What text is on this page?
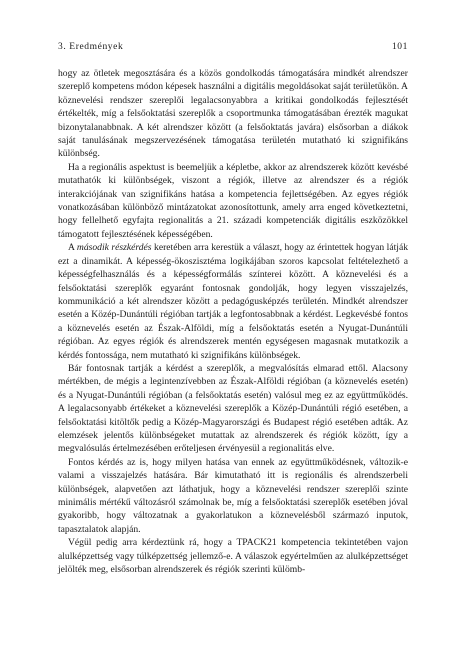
3. Eredmények	101

hogy az ötletek megosztására és a közös gondolkodás támogatására mindkét alrendszer szereplő kompetens módon képesek használni a digitális megoldásokat saját területükön. A köznevelési rendszer szereplői legalacsonyabbra a kritikai gondolkodás fejlesztését értékelték, míg a felsőoktatási szereplők a csoportmunka támogatásában érezték magukat bizonytalanabbnak. A két alrendszer között (a felsőoktatás javára) elsősorban a diákok saját tanulásának megszervezésének támogatása területén mutatható ki szignifikáns különbség.

Ha a regionális aspektust is beemeljük a képletbe, akkor az alrendszerek között kevésbé mutathatók ki különbségek, viszont a régiók, illetve az alrendszer és a régiók interakciójának van szignifikáns hatása a kompetencia fejlettségében. Az egyes régiók vonatkozásában különböző mintázatokat azonosítottunk, amely arra enged következtetni, hogy fellelhető egyfajta regionalitás a 21. századi kompetenciák digitális eszközökkel támogatott fejlesztésének képességében.

A második részkérdés keretében arra kerestük a választ, hogy az érintettek hogyan látják ezt a dinamikát. A képesség-ökoszisztéma logikájában szoros kapcsolat feltételezhető a képességfelhasználás és a képességformálás színterei között. A köznevelési és a felsőoktatási szereplők egyaránt fontosnak gondolják, hogy legyen visszajelzés, kommunikáció a két alrendszer között a pedagógusképzés területén. Mindkét alrendszer esetén a Közép-Dunántúli régióban tartják a legfontosabbnak a kérdést. Legkevésbé fontos a köznevelés esetén az Észak-Alföldi, míg a felsőoktatás esetén a Nyugat-Dunántúli régióban. Az egyes régiók és alrendszerek mentén egységesen magasnak mutatkozik a kérdés fontossága, nem mutatható ki szignifikáns különbségek.

Bár fontosnak tartják a kérdést a szereplők, a megvalósítás elmarad ettől. Alacsony mértékben, de mégis a legintenzívebben az Észak-Alföldi régióban (a köznevelés esetén) és a Nyugat-Dunántúli régióban (a felsőoktatás esetén) valósul meg ez az együttműködés. A legalacsonyabb értékeket a köznevelési szereplők a Közép-Dunántúli régió esetében, a felsőoktatási kitöltők pedig a Közép-Magyarországi és Budapest régió esetében adták. Az elemzések jelentős különbségeket mutattak az alrendszerek és régiók között, így a megvalósulás értelmezésében erőteljesen érvényesül a regionalitás elve.

Fontos kérdés az is, hogy milyen hatása van ennek az együttműködésnek, változik-e valami a visszajelzés hatására. Bár kimutatható itt is regionális és alrendszerbeli különbségek, alapvetően azt láthatjuk, hogy a köznevelési rendszer szereplői szinte minimális mértékű változásról számolnak be, míg a felsőoktatási szereplők esetében jóval gyakoribb, hogy változatnak a gyakorlatukon a köznevelésből származó inputok, tapasztalatok alapján.

Végül pedig arra kérdeztünk rá, hogy a TPACK21 kompetencia tekintetében vajon alulképzettség vagy túlképzettség jellemző-e. A válaszok egyértelműen az alulképzettséget jelölték meg, elsősorban alrendszerek és régiók szerinti külömb-
